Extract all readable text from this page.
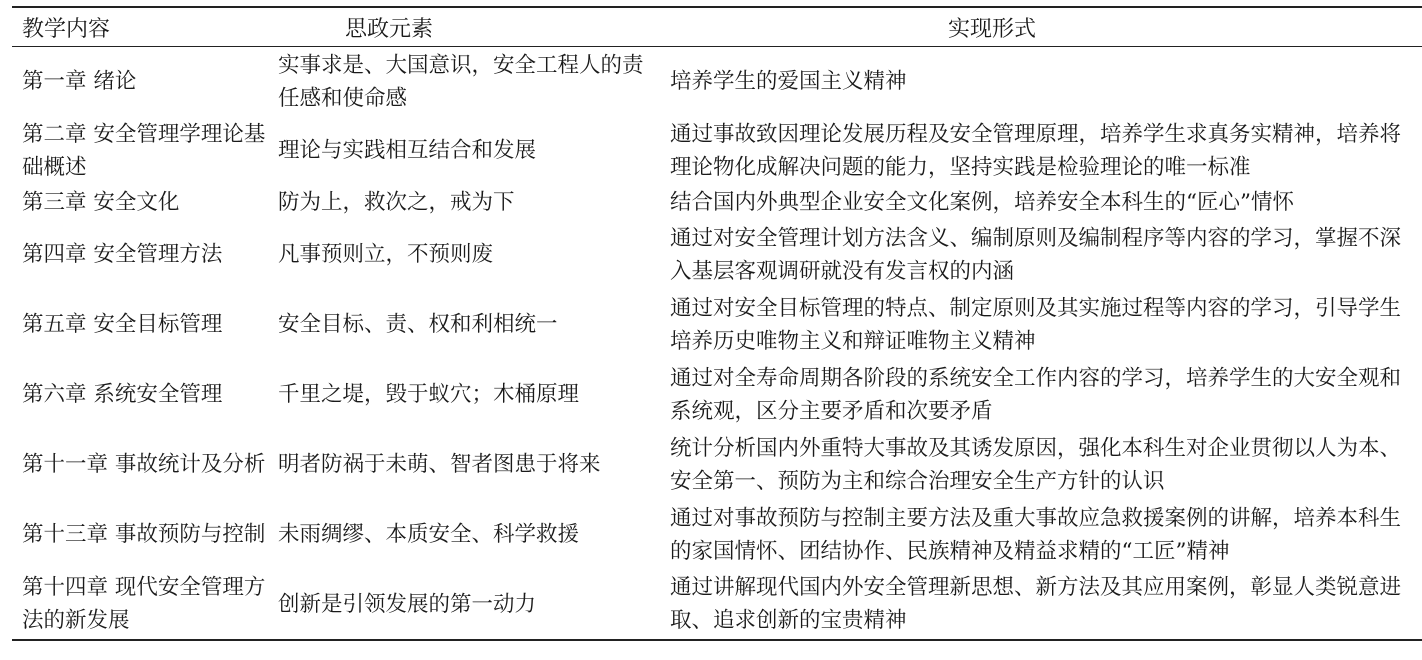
教学内容	思政元素	实现形式
第一章 绪论	实事求是、大国意识，安全工程人的责任感和使命感	培养学生的爱国主义精神
第二章 安全管理学理论基础概述	理论与实践相互结合和发展	通过事故致因理论发展历程及安全管理原理，培养学生求真务实精神，培养将理论物化成解决问题的能力，坚持实践是检验理论的唯一标准
第三章 安全文化	防为上，救次之，戒为下	结合国内外典型企业安全文化案例，培养安全本科生的“匠心”情怀
第四章 安全管理方法	凡事预则立，不预则废	通过对安全管理计划方法含义、编制原则及编制程序等内容的学习，掌握不深入基层客观调研就没有发言权的内涵
第五章 安全目标管理	安全目标、责、权和利相统一	通过对安全目标管理的特点、制定原则及其实施过程等内容的学习，引导学生培养历史唯物主义和辩证唯物主义精神
第六章 系统安全管理	千里之堤，毁于蚁穴；木桶原理	通过对全寿命周期各阶段的系统安全工作内容的学习，培养学生的大安全观和系统观，区分主要矛盾和次要矛盾
第十一章 事故统计及分析	明者防祸于未萌、智者图患于将来	统计分析国内外重特大事故及其诱发原因，强化本科生对企业贯彻以人为本、安全第一、预防为主和综合治理安全生产方针的认识
第十三章 事故预防与控制	未雨绸缪、本质安全、科学救援	通过对事故预防与控制主要方法及重大事故应急救援案例的讲解，培养本科生的家国情怀、团结协作、民族精神及精益求精的“工匠”精神
第十四章 现代安全管理方法的新发展	创新是引领发展的第一动力	通过讲解现代国内外安全管理新思想、新方法及其应用案例，彰显人类锐意进取、追求创新的宝贵精神
